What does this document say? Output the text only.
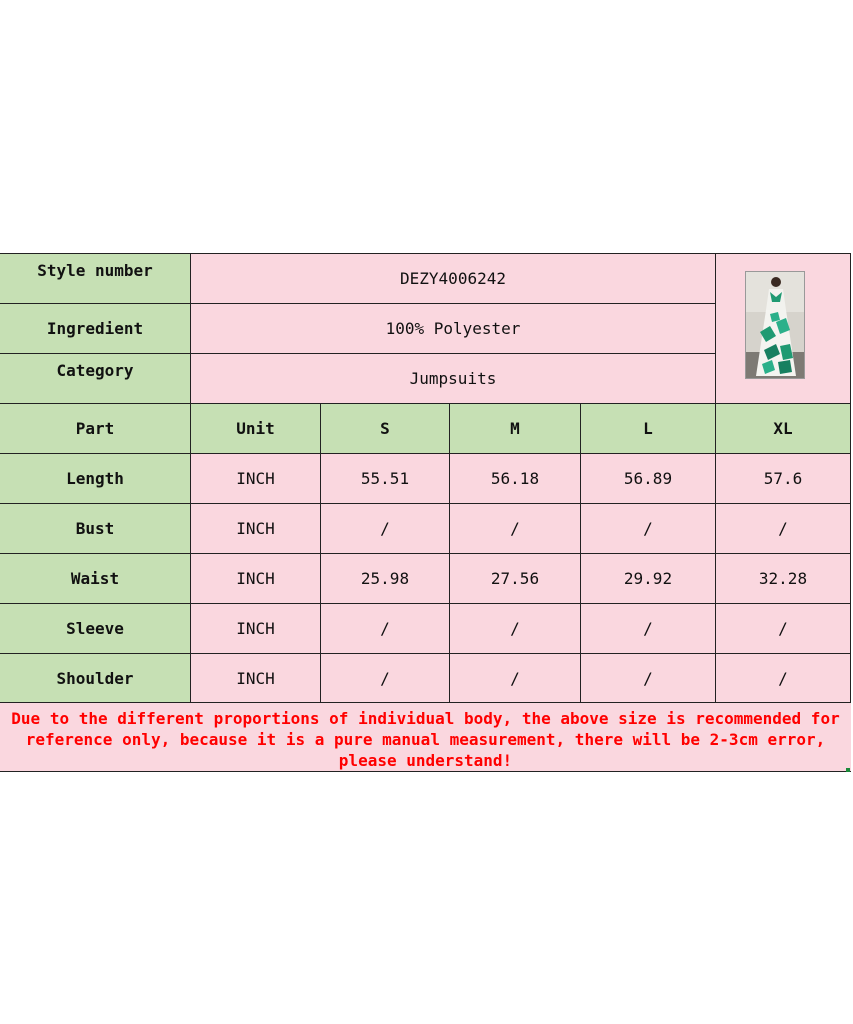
Style number	DEZY4006242
Ingredient	100% Polyester
Category	Jumpsuits
Part	Unit	S	M	L	XL
Length	INCH	55.51	56.18	56.89	57.6
Bust	INCH	/	/	/	/
Waist	INCH	25.98	27.56	29.92	32.28
Sleeve	INCH	/	/	/	/
Shoulder	INCH	/	/	/	/
Due to the different proportions of individual body, the above size is recommended for reference only, because it is a pure manual measurement, there will be 2-3cm error, please understand!
